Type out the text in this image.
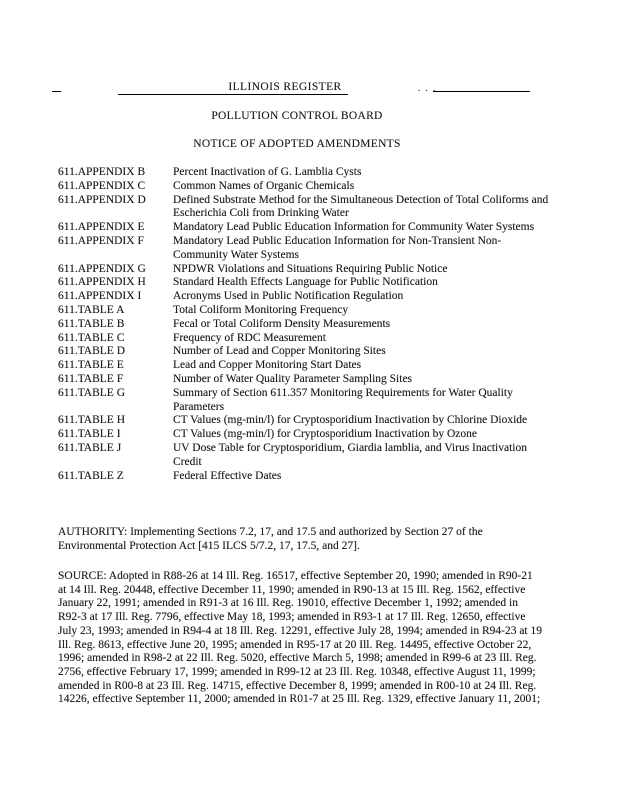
ILLINOIS REGISTER	. . .
POLLUTION CONTROL BOARD
NOTICE OF ADOPTED AMENDMENTS
611.APPENDIX B	Percent Inactivation of G. Lamblia Cysts
611.APPENDIX C	Common Names of Organic Chemicals
611.APPENDIX D	Defined Substrate Method for the Simultaneous Detection of Total Coliforms and Escherichia Coli from Drinking Water
611.APPENDIX E	Mandatory Lead Public Education Information for Community Water Systems
611.APPENDIX F	Mandatory Lead Public Education Information for Non-Transient Non-Community Water Systems
611.APPENDIX G	NPDWR Violations and Situations Requiring Public Notice
611.APPENDIX H	Standard Health Effects Language for Public Notification
611.APPENDIX I	Acronyms Used in Public Notification Regulation
611.TABLE A	Total Coliform Monitoring Frequency
611.TABLE B	Fecal or Total Coliform Density Measurements
611.TABLE C	Frequency of RDC Measurement
611.TABLE D	Number of Lead and Copper Monitoring Sites
611.TABLE E	Lead and Copper Monitoring Start Dates
611.TABLE F	Number of Water Quality Parameter Sampling Sites
611.TABLE G	Summary of Section 611.357 Monitoring Requirements for Water Quality Parameters
611.TABLE H	CT Values (mg-min/l) for Cryptosporidium Inactivation by Chlorine Dioxide
611.TABLE I	CT Values (mg-min/l) for Cryptosporidium Inactivation by Ozone
611.TABLE J	UV Dose Table for Cryptosporidium, Giardia lamblia, and Virus Inactivation Credit
611.TABLE Z	Federal Effective Dates
AUTHORITY: Implementing Sections 7.2, 17, and 17.5 and authorized by Section 27 of the Environmental Protection Act [415 ILCS 5/7.2, 17, 17.5, and 27].
SOURCE: Adopted in R88-26 at 14 Ill. Reg. 16517, effective September 20, 1990; amended in R90-21 at 14 Ill. Reg. 20448, effective December 11, 1990; amended in R90-13 at 15 Ill. Reg. 1562, effective January 22, 1991; amended in R91-3 at 16 Ill. Reg. 19010, effective December 1, 1992; amended in R92-3 at 17 Ill. Reg. 7796, effective May 18, 1993; amended in R93-1 at 17 Ill. Reg. 12650, effective July 23, 1993; amended in R94-4 at 18 Ill. Reg. 12291, effective July 28, 1994; amended in R94-23 at 19 Ill. Reg. 8613, effective June 20, 1995; amended in R95-17 at 20 Ill. Reg. 14495, effective October 22, 1996; amended in R98-2 at 22 Ill. Reg. 5020, effective March 5, 1998; amended in R99-6 at 23 Ill. Reg. 2756, effective February 17, 1999; amended in R99-12 at 23 Ill. Reg. 10348, effective August 11, 1999; amended in R00-8 at 23 Ill. Reg. 14715, effective December 8, 1999; amended in R00-10 at 24 Ill. Reg. 14226, effective September 11, 2000; amended in R01-7 at 25 Ill. Reg. 1329, effective January 11, 2001;
